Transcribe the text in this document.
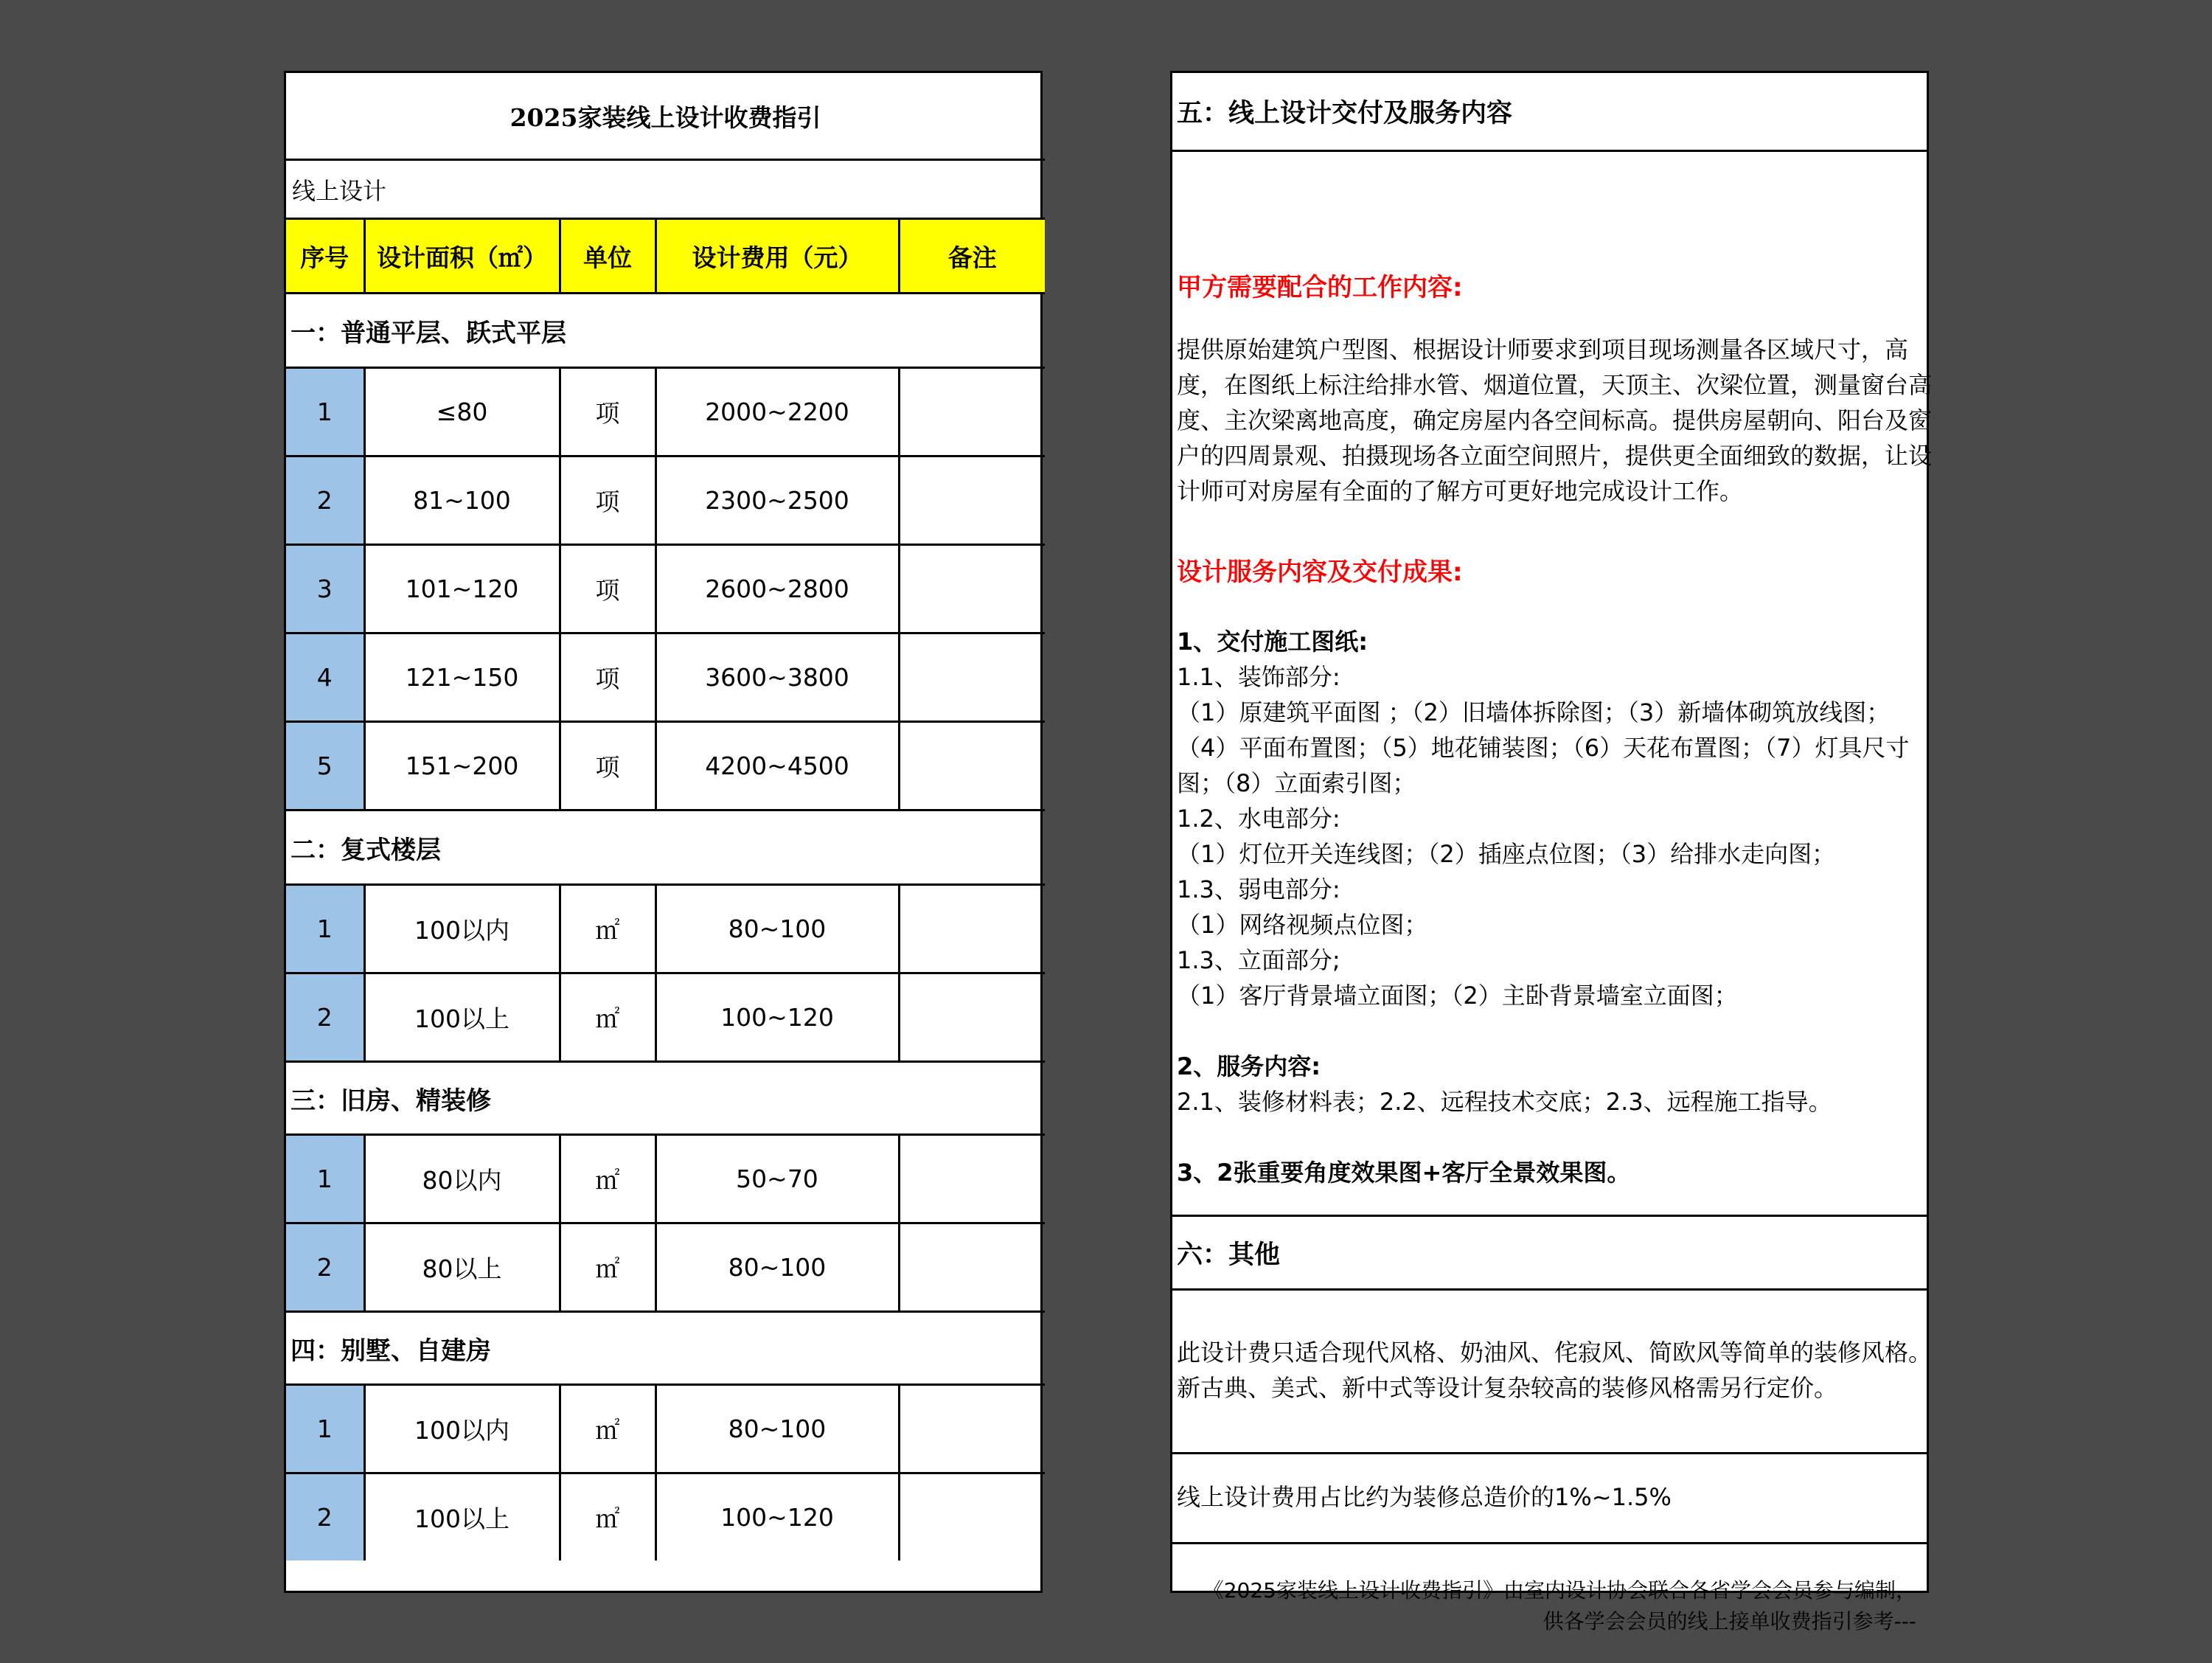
2025家装线上设计收费指引				
线上设计				
序号	设计面积（㎡）	单位	设计费用（元）	备注
一：普通平层、跃式平层				
1	≤80	项	2000~2200	
2	81~100	项	2300~2500	
3	101~120	项	2600~2800	
4	121~150	项	3600~3800	
5	151~200	项	4200~4500	
二：复式楼层				
1	100以内	㎡	80~100	
2	100以上	㎡	100~120	
三：旧房、精装修				
1	80以内	㎡	50~70	
2	80以上	㎡	80~100	
四：别墅、自建房				
1	100以内	㎡	80~100	
2	100以上	㎡	100~120	
五：线上设计交付及服务内容
甲方需要配合的工作内容:
提供原始建筑户型图、根据设计师要求到项目现场测量各区域尺寸，高
度，在图纸上标注给排水管、烟道位置，天顶主、次梁位置，测量窗台高
度、主次梁离地高度，确定房屋内各空间标高。提供房屋朝向、阳台及窗
户的四周景观、拍摄现场各立面空间照片，提供更全面细致的数据，让设
计师可对房屋有全面的了解方可更好地完成设计工作。
设计服务内容及交付成果:
1、交付施工图纸:
1.1、装饰部分:
（1）原建筑平面图 ；（2）旧墙体拆除图；（3）新墙体砌筑放线图；
（4）平面布置图；（5）地花铺装图；（6）天花布置图；（7）灯具尺寸
图；（8）立面索引图；
1.2、水电部分:
（1）灯位开关连线图；（2）插座点位图；（3）给排水走向图；
1.3、弱电部分:
（1）网络视频点位图；
1.3、立面部分;
（1）客厅背景墙立面图；（2）主卧背景墙室立面图；
2、服务内容:
2.1、装修材料表；2.2、远程技术交底；2.3、远程施工指导。
3、2张重要角度效果图+客厅全景效果图。
六：其他
此设计费只适合现代风格、奶油风、侘寂风、简欧风等简单的装修风格。
新古典、美式、新中式等设计复杂较高的装修风格需另行定价。
线上设计费用占比约为装修总造价的1%~1.5%
《2025家装线上设计收费指引》由室内设计协会联合各省学会会员参与编制，
供各学会会员的线上接单收费指引参考---
